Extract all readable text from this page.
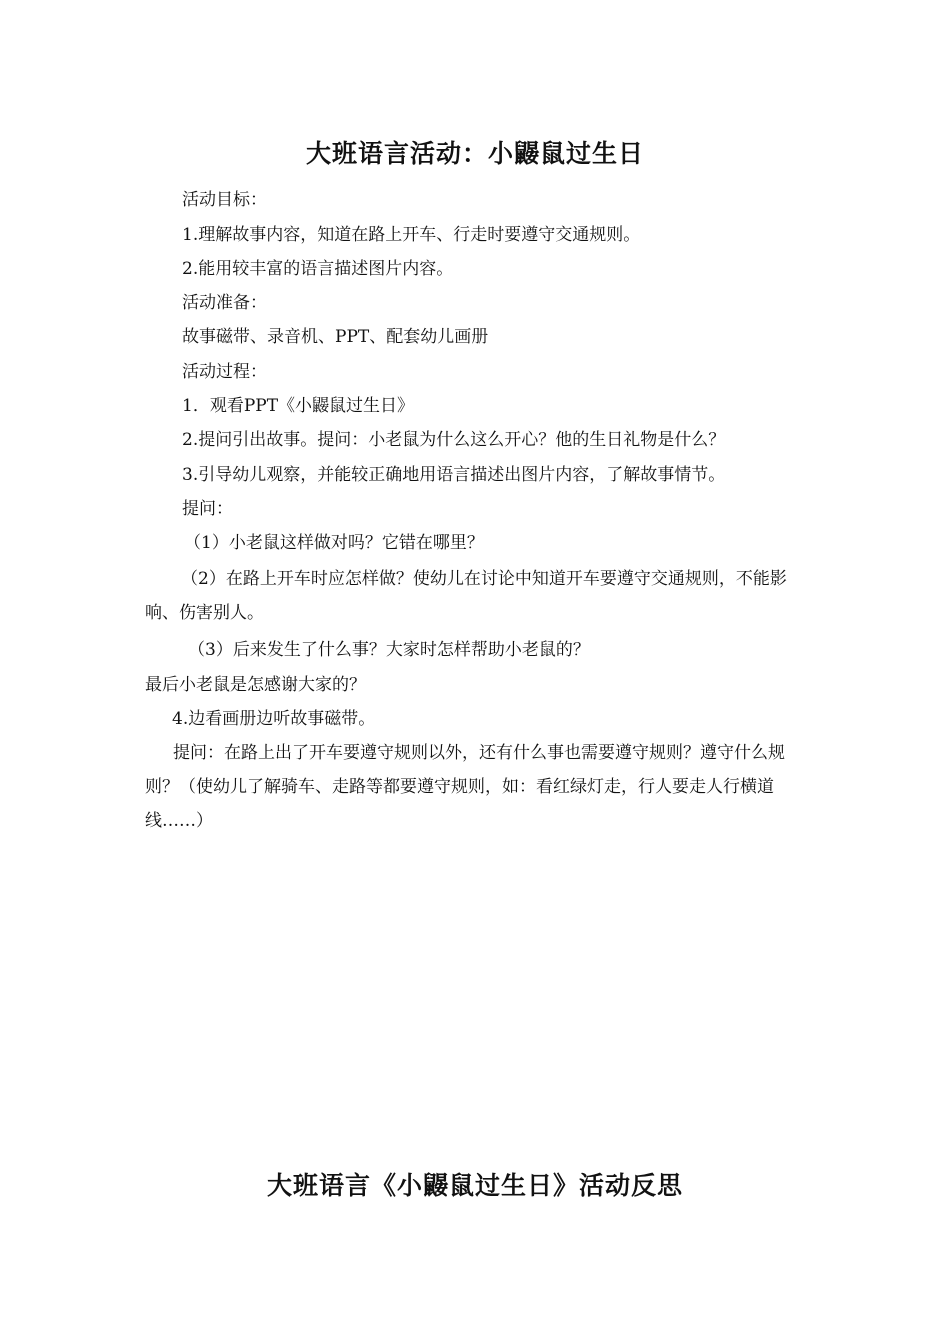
大班语言活动：小鼹鼠过生日
活动目标：
1.理解故事内容，知道在路上开车、行走时要遵守交通规则。
2.能用较丰富的语言描述图片内容。
活动准备：
故事磁带、录音机、PPT、配套幼儿画册
活动过程：
1．观看PPT《小鼹鼠过生日》
2.提问引出故事。提问：小老鼠为什么这么开心？他的生日礼物是什么？
3.引导幼儿观察，并能较正确地用语言描述出图片内容，了解故事情节。
提问：
（1）小老鼠这样做对吗？它错在哪里？
（2）在路上开车时应怎样做？使幼儿在讨论中知道开车要遵守交通规则，不能影响、伤害别人。
（3）后来发生了什么事？大家时怎样帮助小老鼠的？
最后小老鼠是怎感谢大家的？
4.边看画册边听故事磁带。
提问：在路上出了开车要遵守规则以外，还有什么事也需要遵守规则？遵守什么规则？（使幼儿了解骑车、走路等都要遵守规则，如：看红绿灯走，行人要走人行横道线……）
大班语言《小鼹鼠过生日》活动反思
